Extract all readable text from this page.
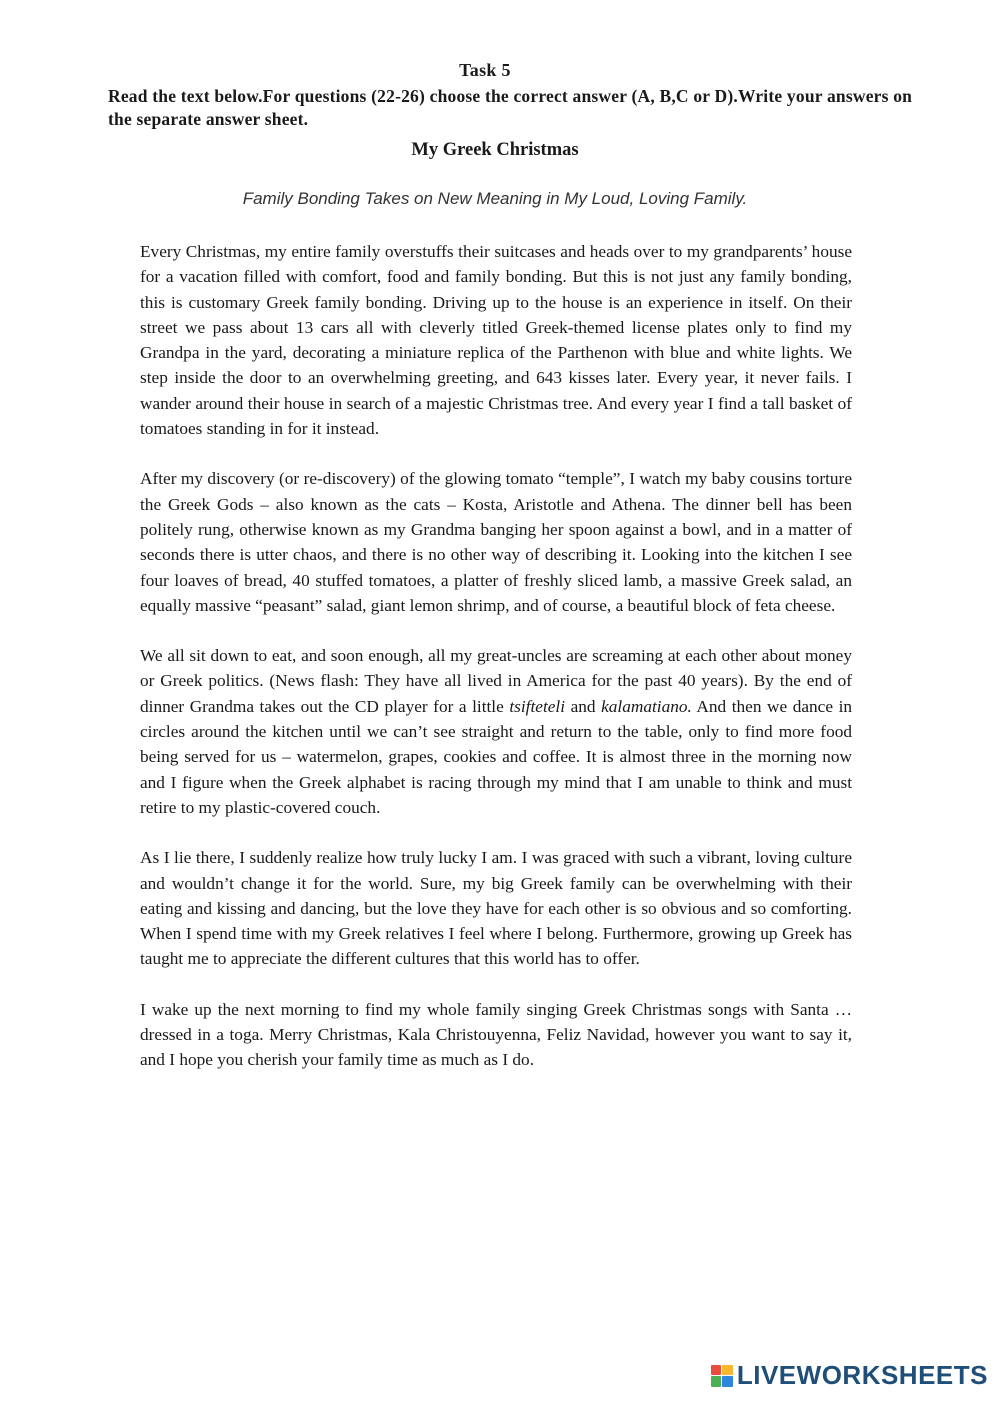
Task 5
Read the text below.For questions (22-26) choose the correct answer (A, B,C or D).Write your answers on the separate answer sheet.
My Greek Christmas
Family Bonding Takes on New Meaning in My Loud, Loving Family.

Every Christmas, my entire family overstuffs their suitcases and heads over to my grandparents’ house for a vacation filled with comfort, food and family bonding. But this is not just any family bonding, this is customary Greek family bonding. Driving up to the house is an experience in itself. On their street we pass about 13 cars all with cleverly titled Greek-themed license plates only to find my Grandpa in the yard, decorating a miniature replica of the Parthenon with blue and white lights. We step inside the door to an overwhelming greeting, and 643 kisses later. Every year, it never fails. I wander around their house in search of a majestic Christmas tree. And every year I find a tall basket of tomatoes standing in for it instead.

After my discovery (or re-discovery) of the glowing tomato “temple”, I watch my baby cousins torture the Greek Gods – also known as the cats – Kosta, Aristotle and Athena. The dinner bell has been politely rung, otherwise known as my Grandma banging her spoon against a bowl, and in a matter of seconds there is utter chaos, and there is no other way of describing it. Looking into the kitchen I see four loaves of bread, 40 stuffed tomatoes, a platter of freshly sliced lamb, a massive Greek salad, an equally massive “peasant” salad, giant lemon shrimp, and of course, a beautiful block of feta cheese.

We all sit down to eat, and soon enough, all my great-uncles are screaming at each other about money or Greek politics. (News flash: They have all lived in America for the past 40 years). By the end of dinner Grandma takes out the CD player for a little tsifteteli and kalamatiano. And then we dance in circles around the kitchen until we can’t see straight and return to the table, only to find more food being served for us – watermelon, grapes, cookies and coffee. It is almost three in the morning now and I figure when the Greek alphabet is racing through my mind that I am unable to think and must retire to my plastic-covered couch.

As I lie there, I suddenly realize how truly lucky I am. I was graced with such a vibrant, loving culture and wouldn’t change it for the world. Sure, my big Greek family can be overwhelming with their eating and kissing and dancing, but the love they have for each other is so obvious and so comforting. When I spend time with my Greek relatives I feel where I belong. Furthermore, growing up Greek has taught me to appreciate the different cultures that this world has to offer.

I wake up the next morning to find my whole family singing Greek Christmas songs with Santa … dressed in a toga. Merry Christmas, Kala Christouyenna, Feliz Navidad, however you want to say it, and I hope you cherish your family time as much as I do.

LIVEWORKSHEETS
